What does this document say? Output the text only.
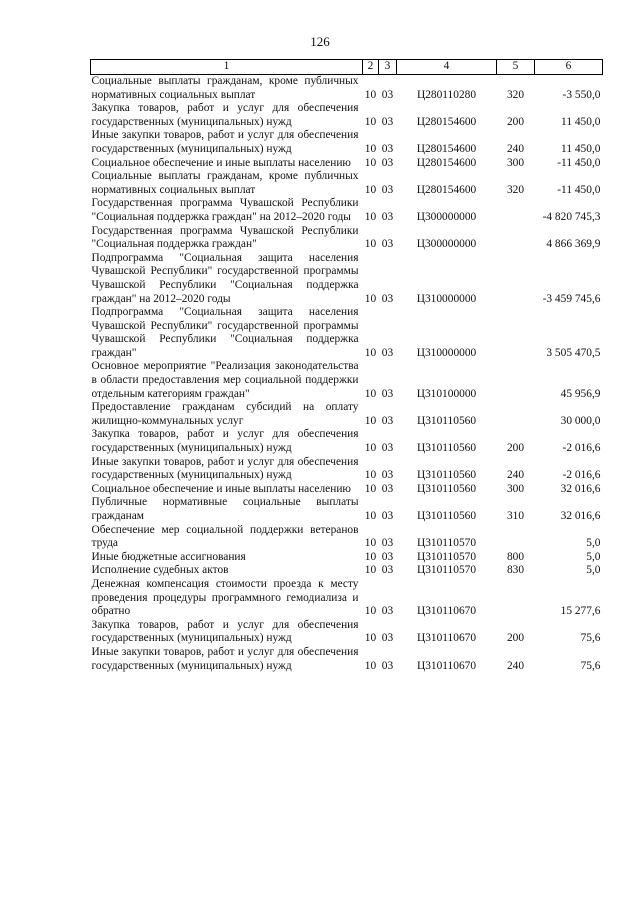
126
1	2	3	4	5	6
Социальные выплаты гражданам, кроме публичных нормативных социальных выплат	10	03	Ц280110280	320	-3 550,0
Закупка товаров, работ и услуг для обеспечения государственных (муниципальных) нужд	10	03	Ц280154600	200	11 450,0
Иные закупки товаров, работ и услуг для обеспечения государственных (муниципальных) нужд	10	03	Ц280154600	240	11 450,0
Социальное обеспечение и иные выплаты населению	10	03	Ц280154600	300	-11 450,0
Социальные выплаты гражданам, кроме публичных нормативных социальных выплат	10	03	Ц280154600	320	-11 450,0
Государственная программа Чувашской Республики "Социальная поддержка граждан" на 2012–2020 годы	10	03	Ц300000000		-4 820 745,3
Государственная программа Чувашской Республики "Социальная поддержка граждан"	10	03	Ц300000000		4 866 369,9
Подпрограмма "Социальная защита населения Чувашской Республики" государственной программы Чувашской Республики "Социальная поддержка граждан" на 2012–2020 годы	10	03	Ц310000000		-3 459 745,6
Подпрограмма "Социальная защита населения Чувашской Республики" государственной программы Чувашской Республики "Социальная поддержка граждан"	10	03	Ц310000000		3 505 470,5
Основное мероприятие "Реализация законодательства в области предоставления мер социальной поддержки отдельным категориям граждан"	10	03	Ц310100000		45 956,9
Предоставление гражданам субсидий на оплату жилищно-коммунальных услуг	10	03	Ц310110560		30 000,0
Закупка товаров, работ и услуг для обеспечения государственных (муниципальных) нужд	10	03	Ц310110560	200	-2 016,6
Иные закупки товаров, работ и услуг для обеспечения государственных (муниципальных) нужд	10	03	Ц310110560	240	-2 016,6
Социальное обеспечение и иные выплаты населению	10	03	Ц310110560	300	32 016,6
Публичные нормативные социальные выплаты гражданам	10	03	Ц310110560	310	32 016,6
Обеспечение мер социальной поддержки ветеранов труда	10	03	Ц310110570		5,0
Иные бюджетные ассигнования	10	03	Ц310110570	800	5,0
Исполнение судебных актов	10	03	Ц310110570	830	5,0
Денежная компенсация стоимости проезда к месту проведения процедуры программного гемодиализа и обратно	10	03	Ц310110670		15 277,6
Закупка товаров, работ и услуг для обеспечения государственных (муниципальных) нужд	10	03	Ц310110670	200	75,6
Иные закупки товаров, работ и услуг для обеспечения государственных (муниципальных) нужд	10	03	Ц310110670	240	75,6
